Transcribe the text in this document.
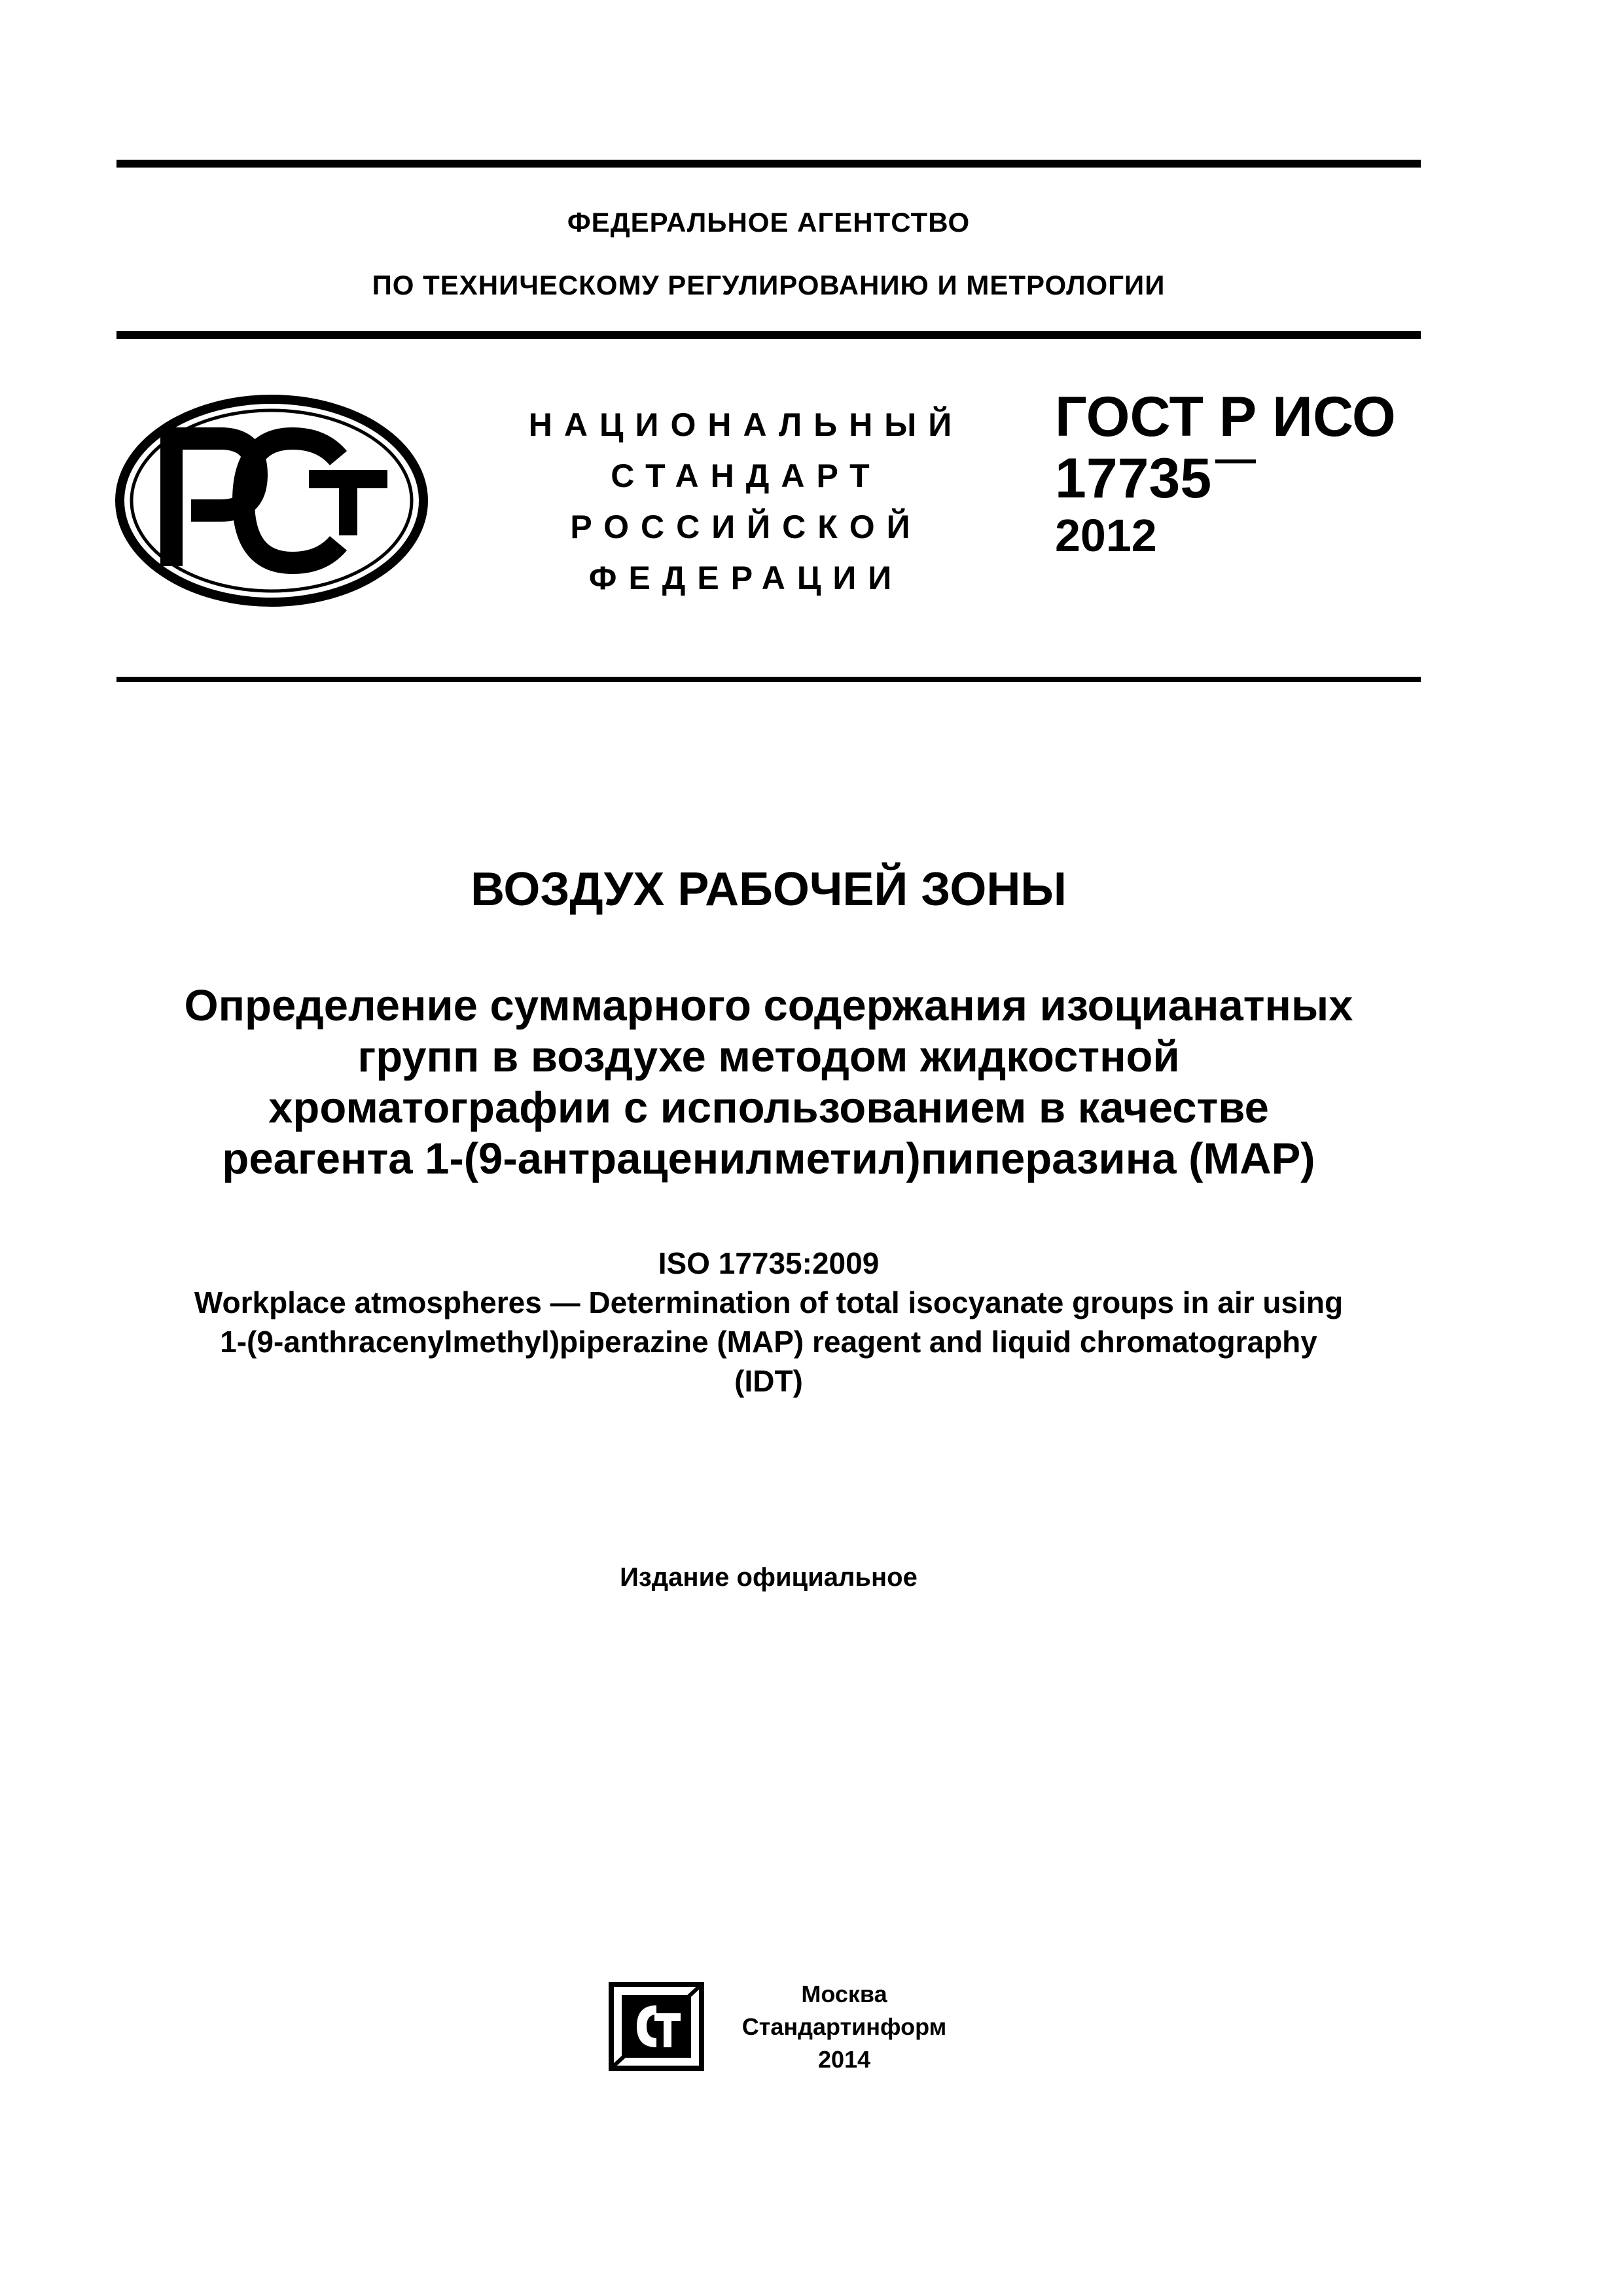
ФЕДЕРАЛЬНОЕ АГЕНТСТВО
ПО ТЕХНИЧЕСКОМУ РЕГУЛИРОВАНИЮ И МЕТРОЛОГИИ
НАЦИОНАЛЬНЫЙ
СТАНДАРТ
РОССИЙСКОЙ
ФЕДЕРАЦИИ
ГОСТ Р ИСО
17735
2012
ВОЗДУХ РАБОЧЕЙ ЗОНЫ
Определение суммарного содержания изоцианатных
групп в воздухе методом жидкостной
хроматографии с использованием в качестве
реагента 1-(9-антраценилметил)пиперазина (MAP)
ISO 17735:2009
Workplace atmospheres — Determination of total isocyanate groups in air using
1-(9-anthracenylmethyl)piperazine (MAP) reagent and liquid chromatography
(IDT)
Издание официальное
Москва
Стандартинформ
2014
